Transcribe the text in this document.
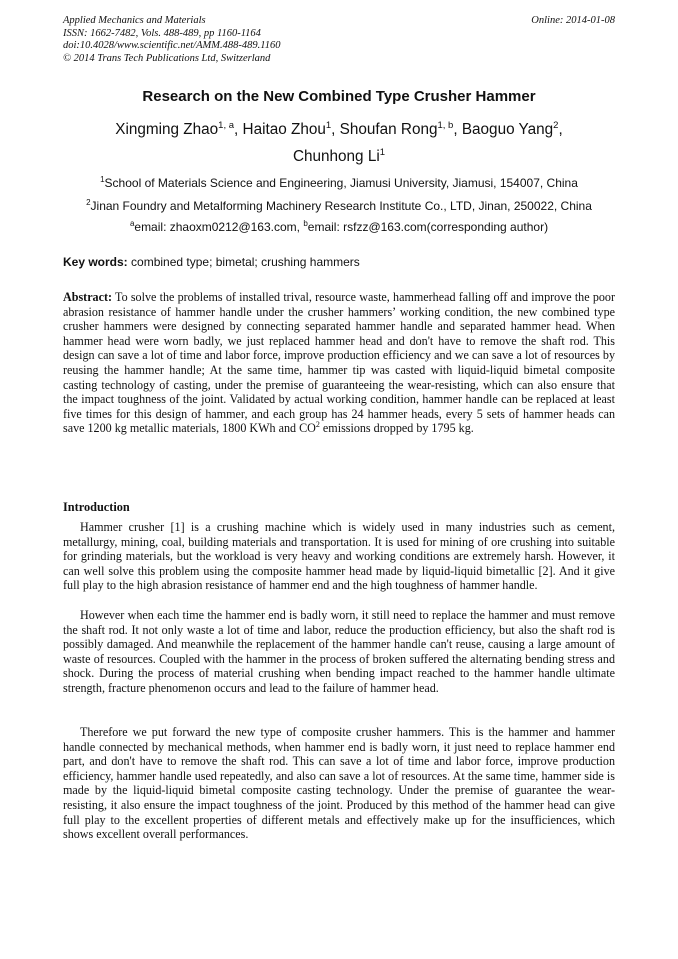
Applied Mechanics and Materials
ISSN: 1662-7482, Vols. 488-489, pp 1160-1164
doi:10.4028/www.scientific.net/AMM.488-489.1160
© 2014 Trans Tech Publications Ltd, Switzerland
Online: 2014-01-08
Research on the New Combined Type Crusher Hammer
Xingming Zhao$^{1, a}$, Haitao Zhou$^1$, Shoufan Rong$^{1, b}$, Baoguo Yang$^2$,
Chunhong Li$^1$
$^1$School of Materials Science and Engineering, Jiamusi University, Jiamusi, 154007, China
$^2$Jinan Foundry and Metalforming Machinery Research Institute Co., LTD, Jinan, 250022, China
$^a$email: zhaoxm0212@163.com, $^b$email: rsfzz@163.com(corresponding author)
Key words: combined type; bimetal; crushing hammers
Abstract: To solve the problems of installed trival, resource waste, hammerhead falling off and improve the poor abrasion resistance of hammer handle under the crusher hammers’ working condition, the new combined type crusher hammers were designed by connecting separated hammer handle and separated hammer head. When hammer head were worn badly, we just replaced hammer head and don't have to remove the shaft rod. This design can save a lot of time and labor force, improve production efficiency and we can save a lot of resources by reusing the hammer handle; At the same time, hammer tip was casted with liquid-liquid bimetal composite casting technology of casting, under the premise of guaranteeing the wear-resisting, which can also ensure that the impact toughness of the joint. Validated by actual working condition, hammer handle can be replaced at least five times for this design of hammer, and each group has 24 hammer heads, every 5 sets of hammer heads can save 1200 kg metallic materials, 1800 KWh and $CO^2$ emissions dropped by 1795 kg.
Introduction
Hammer crusher [1] is a crushing machine which is widely used in many industries such as cement, metallurgy, mining, coal, building materials and transportation. It is used for mining of ore crushing into suitable for grinding materials, but the workload is very heavy and working conditions are extremely harsh. However, it can well solve this problem using the composite hammer head made by liquid-liquid bimetallic [2]. And it give full play to the high abrasion resistance of hammer end and the high toughness of hammer handle.
However when each time the hammer end is badly worn, it still need to replace the hammer and must remove the shaft rod. It not only waste a lot of time and labor, reduce the production efficiency, but also the shaft rod is possibly damaged. And meanwhile the replacement of the hammer handle can't reuse, causing a large amount of waste of resources. Coupled with the hammer in the process of broken suffered the alternating bending stress and shock. During the process of material crushing when bending impact reached to the hammer handle ultimate strength, fracture phenomenon occurs and lead to the failure of hammer head.
Therefore we put forward the new type of composite crusher hammers. This is the hammer and hammer handle connected by mechanical methods, when hammer end is badly worn, it just need to replace hammer end part, and don't have to remove the shaft rod. This can save a lot of time and labor force, improve production efficiency, hammer handle used repeatedly, and also can save a lot of resources. At the same time, hammer side is made by the liquid-liquid bimetal composite casting technology. Under the premise of guarantee the wear-resisting, it also ensure the impact toughness of the joint. Produced by this method of the hammer head can give full play to the excellent properties of different metals and effectively make up for the insufficiences, which shows excellent overall performances.
